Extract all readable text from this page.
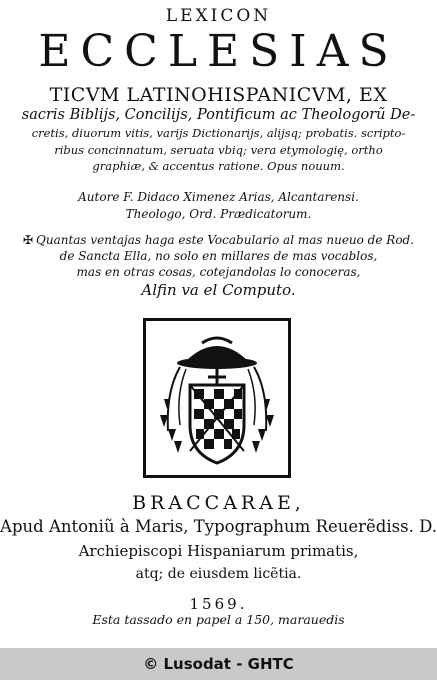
LEXICON
ECCLESIAS
TICVM LATINOHISPANICVM, EX
sacris Biblijs, Concilijs, Pontificum ac Theologorũ De-
cretis, diuorum vitis, varijs Dictionarijs, alijsq; probatis. scripto-
ribus concinnatum, seruata vbiq; vera etymologię, ortho
graphiæ, & accentus ratione. Opus nouum.
Autore F. Didaco Ximenez Arias, Alcantarensi.
Theologo, Ord. Prædicatorum.
✠ Quantas ventajas haga este Vocabulario al mas nueuo de Rod.
de Sancta Ella, no solo en millares de mas vocablos,
mas en otras cosas, cotejandolas lo conoceras,
Alfin va el Computo.
BRACCARAE,
Apud Antoniũ à Maris, Typographum Reuerẽdiss. D.
Archiepiscopi Hispaniarum primatis,
atq; de eiusdem licẽtia.
1569.
Esta tassado en papel a 150, marauedis
© Lusodat - GHTC
